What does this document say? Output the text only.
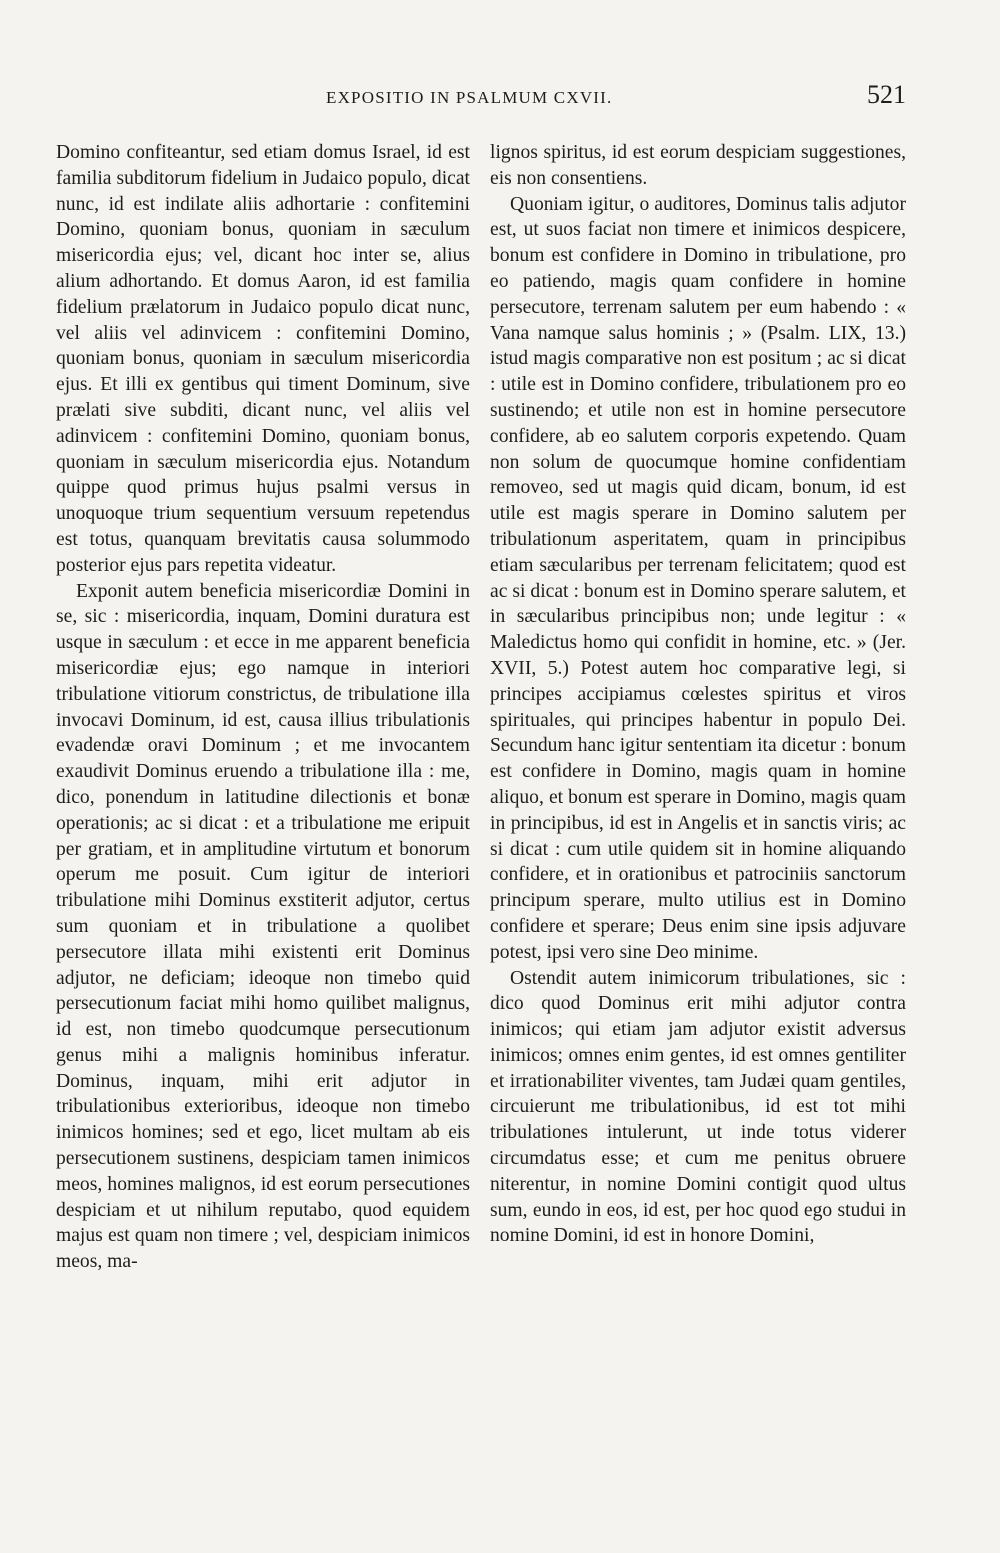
EXPOSITIO IN PSALMUM CXVII.	521

Domino confiteantur, sed etiam domus Israel, id est familia subditorum fidelium in Judaico populo, dicat nunc, id est indilate aliis adhortarie : confitemini Domino, quoniam bonus, quoniam in sæculum misericordia ejus; vel, dicant hoc inter se, alius alium adhortando. Et domus Aaron, id est familia fidelium prælatorum in Judaico populo dicat nunc, vel aliis vel adinvicem : confitemini Domino, quoniam bonus, quoniam in sæculum misericordia ejus. Et illi ex gentibus qui timent Dominum, sive prælati sive subditi, dicant nunc, vel aliis vel adinvicem : confitemini Domino, quoniam bonus, quoniam in sæculum misericordia ejus. Notandum quippe quod primus hujus psalmi versus in unoquoque trium sequentium versuum repetendus est totus, quanquam brevitatis causa solummodo posterior ejus pars repetita videatur.

Exponit autem beneficia misericordiæ Domini in se, sic : misericordia, inquam, Domini duratura est usque in sæculum : et ecce in me apparent beneficia misericordiæ ejus; ego namque in interiori tribulatione vitiorum constrictus, de tribulatione illa invocavi Dominum, id est, causa illius tribulationis evadendæ oravi Dominum ; et me invocantem exaudivit Dominus eruendo a tribulatione illa : me, dico, ponendum in latitudine dilectionis et bonæ operationis; ac si dicat : et a tribulatione me eripuit per gratiam, et in amplitudine virtutum et bonorum operum me posuit. Cum igitur de interiori tribulatione mihi Dominus exstiterit adjutor, certus sum quoniam et in tribulatione a quolibet persecutore illata mihi existenti erit Dominus adjutor, ne deficiam; ideoque non timebo quid persecutionum faciat mihi homo quilibet malignus, id est, non timebo quodcumque persecutionum genus mihi a malignis hominibus inferatur. Dominus, inquam, mihi erit adjutor in tribulationibus exterioribus, ideoque non timebo inimicos homines; sed et ego, licet multam ab eis persecutionem sustinens, despiciam tamen inimicos meos, homines malignos, id est eorum persecutiones despiciam et ut nihilum reputabo, quod equidem majus est quam non timere ; vel, despiciam inimicos meos, ma-

lignos spiritus, id est eorum despiciam suggestiones, eis non consentiens.

Quoniam igitur, o auditores, Dominus talis adjutor est, ut suos faciat non timere et inimicos despicere, bonum est confidere in Domino in tribulatione, pro eo patiendo, magis quam confidere in homine persecutore, terrenam salutem per eum habendo : « Vana namque salus hominis ; » (Psalm. LIX, 13.) istud magis comparative non est positum ; ac si dicat : utile est in Domino confidere, tribulationem pro eo sustinendo; et utile non est in homine persecutore confidere, ab eo salutem corporis expetendo. Quam non solum de quocumque homine confidentiam removeo, sed ut magis quid dicam, bonum, id est utile est magis sperare in Domino salutem per tribulationum asperitatem, quam in principibus etiam sæcularibus per terrenam felicitatem; quod est ac si dicat : bonum est in Domino sperare salutem, et in sæcularibus principibus non; unde legitur : « Maledictus homo qui confidit in homine, etc. » (Jer. XVII, 5.) Potest autem hoc comparative legi, si principes accipiamus cœlestes spiritus et viros spirituales, qui principes habentur in populo Dei. Secundum hanc igitur sententiam ita dicetur : bonum est confidere in Domino, magis quam in homine aliquo, et bonum est sperare in Domino, magis quam in principibus, id est in Angelis et in sanctis viris; ac si dicat : cum utile quidem sit in homine aliquando confidere, et in orationibus et patrociniis sanctorum principum sperare, multo utilius est in Domino confidere et sperare; Deus enim sine ipsis adjuvare potest, ipsi vero sine Deo minime.

Ostendit autem inimicorum tribulationes, sic : dico quod Dominus erit mihi adjutor contra inimicos; qui etiam jam adjutor existit adversus inimicos; omnes enim gentes, id est omnes gentiliter et irrationabiliter viventes, tam Judæi quam gentiles, circuierunt me tribulationibus, id est tot mihi tribulationes intulerunt, ut inde totus viderer circumdatus esse; et cum me penitus obruere niterentur, in nomine Domini contigit quod ultus sum, eundo in eos, id est, per hoc quod ego studui in nomine Domini, id est in honore Domini,
